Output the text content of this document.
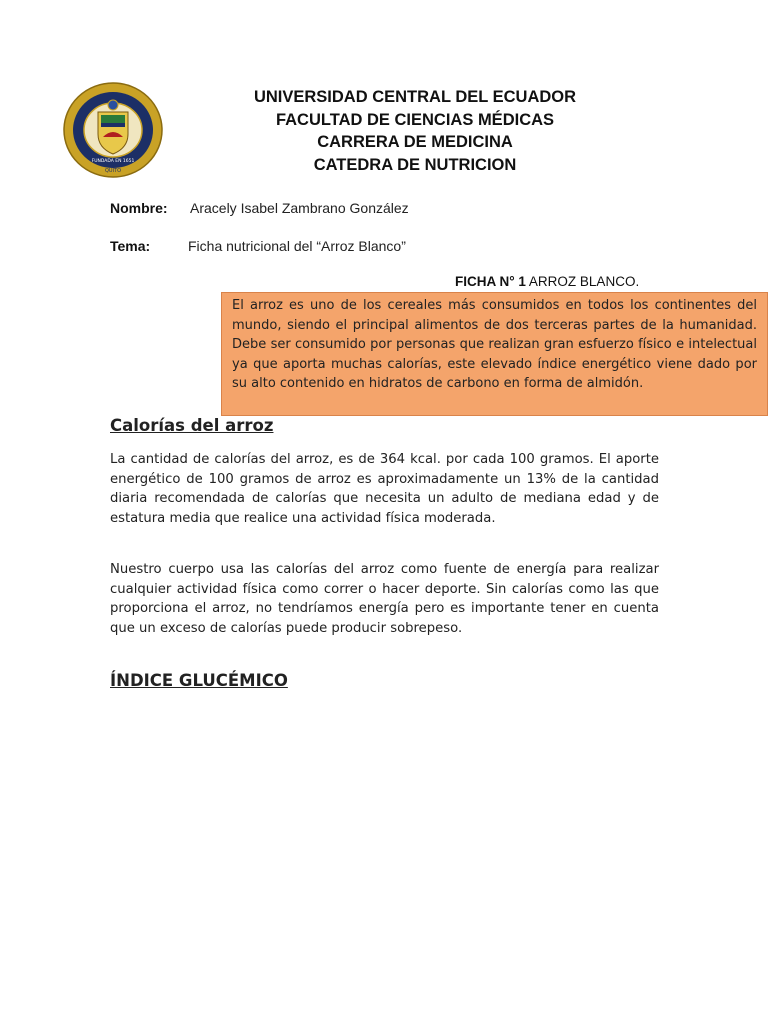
QUITO
FUNDADA EN 1651
UNIVERSIDAD CENTRAL DEL ECUADOR
FACULTAD DE CIENCIAS MÉDICAS
CARRERA DE MEDICINA
CATEDRA DE NUTRICION
Nombre: Aracely Isabel Zambrano González
Tema:	Ficha nutricional del “Arroz Blanco”
FICHA N° 1 ARROZ BLANCO.
El arroz es uno de los cereales más consumidos en todos los continentes del mundo, siendo el principal alimentos de dos terceras partes de la humanidad. Debe ser consumido por personas que realizan gran esfuerzo físico e intelectual ya que aporta muchas calorías, este elevado índice energético viene dado por su alto contenido en hidratos de carbono en forma de almidón.
Calorías del arroz

La cantidad de calorías del arroz, es de 364 kcal. por cada 100 gramos. El aporte energético de 100 gramos de arroz es aproximadamente un 13% de la cantidad diaria recomendada de calorías que necesita un adulto de mediana edad y de estatura media que realice una actividad física moderada.

Nuestro cuerpo usa las calorías del arroz como fuente de energía para realizar cualquier actividad física como correr o hacer deporte. Sin calorías como las que proporciona el arroz, no tendríamos energía pero es importante tener en cuenta que un exceso de calorías puede producir sobrepeso.

ÍNDICE GLUCÉMICO
